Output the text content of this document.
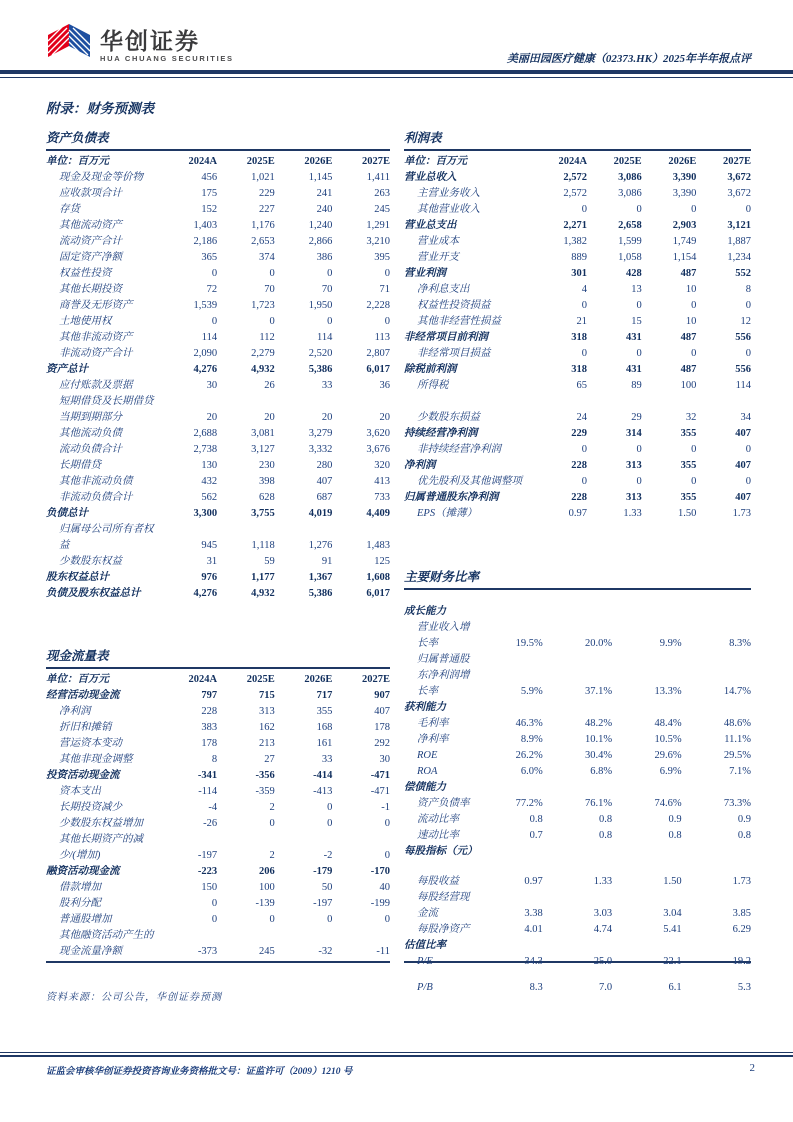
华创证券
HUA CHUANG SECURITIES	美丽田园医疗健康（02373.HK）2025年半年报点评
附录：财务预测表
资产负债表
单位：百万元	2024A	2025E	2026E	2027E
现金及现金等价物	456	1,021	1,145	1,411
应收款项合计	175	229	241	263
存货	152	227	240	245
其他流动资产	1,403	1,176	1,240	1,291
流动资产合计	2,186	2,653	2,866	3,210
固定资产净额	365	374	386	395
权益性投资	0	0	0	0
其他长期投资	72	70	70	71
商誉及无形资产	1,539	1,723	1,950	2,228
土地使用权	0	0	0	0
其他非流动资产	114	112	114	113
非流动资产合计	2,090	2,279	2,520	2,807
资产总计	4,276	4,932	5,386	6,017
应付账款及票据	30	26	33	36
短期借贷及长期借贷当期到期部分	20	20	20	20
其他流动负债	2,688	3,081	3,279	3,620
流动负债合计	2,738	3,127	3,332	3,676
长期借贷	130	230	280	320
其他非流动负债	432	398	407	413
非流动负债合计	562	628	687	733
负债总计	3,300	3,755	4,019	4,409
归属母公司所有者权益	945	1,118	1,276	1,483
少数股东权益	31	59	91	125
股东权益总计	976	1,177	1,367	1,608
负债及股东权益总计	4,276	4,932	5,386	6,017
现金流量表
单位：百万元	2024A	2025E	2026E	2027E
经营活动现金流	797	715	717	907
净利润	228	313	355	407
折旧和摊销	383	162	168	178
营运资本变动	178	213	161	292
其他非现金调整	8	27	33	30
投资活动现金流	-341	-356	-414	-471
资本支出	-114	-359	-413	-471
长期投资减少	-4	2	0	-1
少数股东权益增加	-26	0	0	0
其他长期资产的减少/(增加)	-197	2	-2	0
融资活动现金流	-223	206	-179	-170
借款增加	150	100	50	40
股利分配	0	-139	-197	-199
普通股增加	0	0	0	0
其他融资活动产生的现金流量净额	-373	245	-32	-11
利润表
单位：百万元	2024A	2025E	2026E	2027E
营业总收入	2,572	3,086	3,390	3,672
主营业务收入	2,572	3,086	3,390	3,672
其他营业收入	0	0	0	0
营业总支出	2,271	2,658	2,903	3,121
营业成本	1,382	1,599	1,749	1,887
营业开支	889	1,058	1,154	1,234
营业利润	301	428	487	552
净利息支出	4	13	10	8
权益性投资损益	0	0	0	0
其他非经营性损益	21	15	10	12
非经常项目前利润	318	431	487	556
非经常项目损益	0	0	0	0
除税前利润	318	431	487	556
所得税	65	89	100	114

少数股东损益	24	29	32	34
持续经营净利润	229	314	355	407
非持续经营净利润	0	0	0	0
净利润	228	313	355	407
优先股利及其他调整项	0	0	0	0
归属普通股东净利润	228	313	355	407
EPS（摊薄）	0.97	1.33	1.50	1.73
主要财务比率

成长能力				
营业收入增长率	19.5%	20.0%	9.9%	8.3%
归属普通股东净利润增长率	5.9%	37.1%	13.3%	14.7%
获利能力				
毛利率	46.3%	48.2%	48.4%	48.6%
净利率	8.9%	10.1%	10.5%	11.1%
ROE	26.2%	30.4%	29.6%	29.5%
ROA	6.0%	6.8%	6.9%	7.1%
偿债能力				
资产负债率	77.2%	76.1%	74.6%	73.3%
流动比率	0.8	0.8	0.9	0.9
速动比率	0.7	0.8	0.8	0.8
每股指标（元）				

每股收益	0.97	1.33	1.50	1.73
每股经营现金流	3.38	3.03	3.04	3.85
每股净资产	4.01	4.74	5.41	6.29
估值比率				
P/E	34.3	25.0	22.1	19.2

P/B	8.3	7.0	6.1	5.3
资料来源：公司公告，华创证券预测
证监会审核华创证券投资咨询业务资格批文号：证监许可（2009）1210 号	2
